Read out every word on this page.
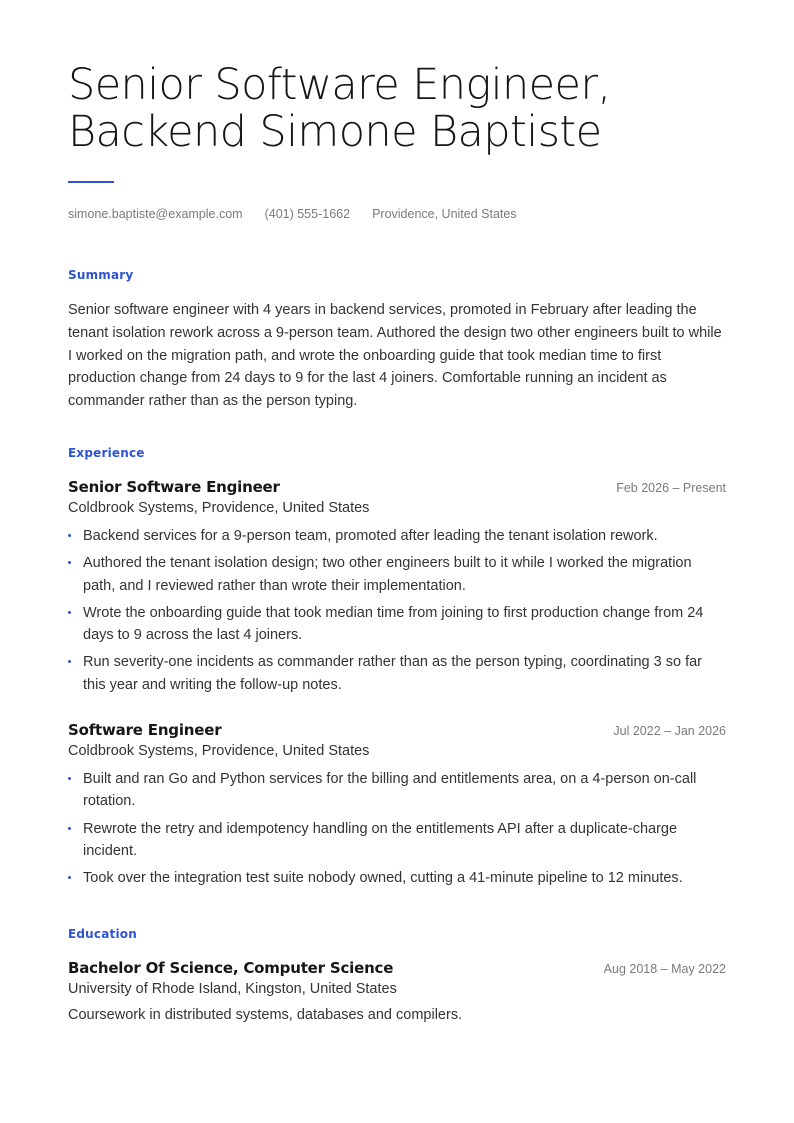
Senior Software Engineer, Backend Simone Baptiste
simone.baptiste@example.com (401) 555-1662 Providence, United States
Summary

Senior software engineer with 4 years in backend services, promoted in February after leading the tenant isolation rework across a 9-person team. Authored the design two other engineers built to while I worked on the migration path, and wrote the onboarding guide that took median time to first production change from 24 days to 9 for the last 4 joiners. Comfortable running an incident as commander rather than as the person typing.

Experience
Senior Software Engineer	Feb 2026 – Present
Coldbrook Systems, Providence, United States
Backend services for a 9-person team, promoted after leading the tenant isolation rework.
Authored the tenant isolation design; two other engineers built to it while I worked the migration path, and I reviewed rather than wrote their implementation.
Wrote the onboarding guide that took median time from joining to first production change from 24 days to 9 across the last 4 joiners.
Run severity-one incidents as commander rather than as the person typing, coordinating 3 so far this year and writing the follow-up notes.
Software Engineer	Jul 2022 – Jan 2026
Coldbrook Systems, Providence, United States
Built and ran Go and Python services for the billing and entitlements area, on a 4-person on-call rotation.
Rewrote the retry and idempotency handling on the entitlements API after a duplicate-charge incident.
Took over the integration test suite nobody owned, cutting a 41-minute pipeline to 12 minutes.
Education
Bachelor Of Science, Computer Science	Aug 2018 – May 2022
University of Rhode Island, Kingston, United States
Coursework in distributed systems, databases and compilers.
